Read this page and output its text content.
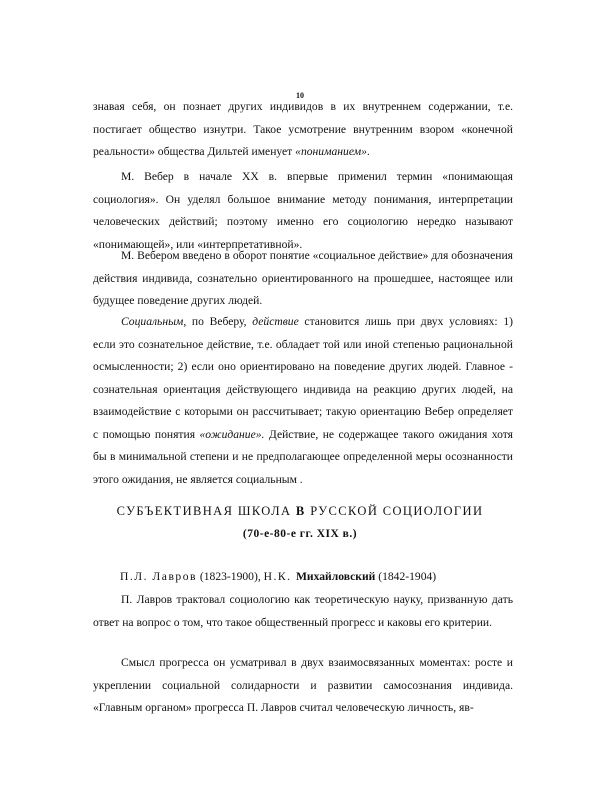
10

знавая себя, он познает других индивидов в их внутреннем содержании, т.е. постигает общество изнутри. Такое усмотрение внутренним взором «конечной реальности» общества Дильтей именует «пониманием».

М. Вебер в начале XX в. впервые применил термин «понимающая социология». Он уделял большое внимание методу понимания, интерпретации человеческих действий; поэтому именно его социологию нередко называют «понимающей», или «интерпретативной».

М. Вебером введено в оборот понятие «социальное действие» для обозначения действия индивида, сознательно ориентированного на прошедшее, настоящее или будущее поведение других людей.

Социальным, по Веберу, действие становится лишь при двух условиях: 1) если это сознательное действие, т.е. обладает той или иной степенью рациональной осмысленности; 2) если оно ориентировано на поведение других людей. Главное - сознательная ориентация действующего индивида на реакцию других людей, на взаимодействие с которыми он рассчитывает; такую ориентацию Вебер определяет с помощью понятия «ожидание». Действие, не содержащее такого ожидания хотя бы в минимальной степени и не предполагающее определенной меры осознанности этого ожидания, не является социальным .

СУБЪЕКТИВНАЯ ШКОЛА В РУССКОЙ СОЦИОЛОГИИ

(70-е-80-е гг. XIX в.)

П.Л. Лавров (1823-1900), Н.К. Михайловский (1842-1904)

П. Лавров трактовал социологию как теоретическую науку, призванную дать ответ на вопрос о том, что такое общественный прогресс и каковы его критерии.

Смысл прогресса он усматривал в двух взаимосвязанных моментах: росте и укреплении социальной солидарности и развитии самосознания индивида. «Главным органом» прогресса П. Лавров считал человеческую личность, яв-
